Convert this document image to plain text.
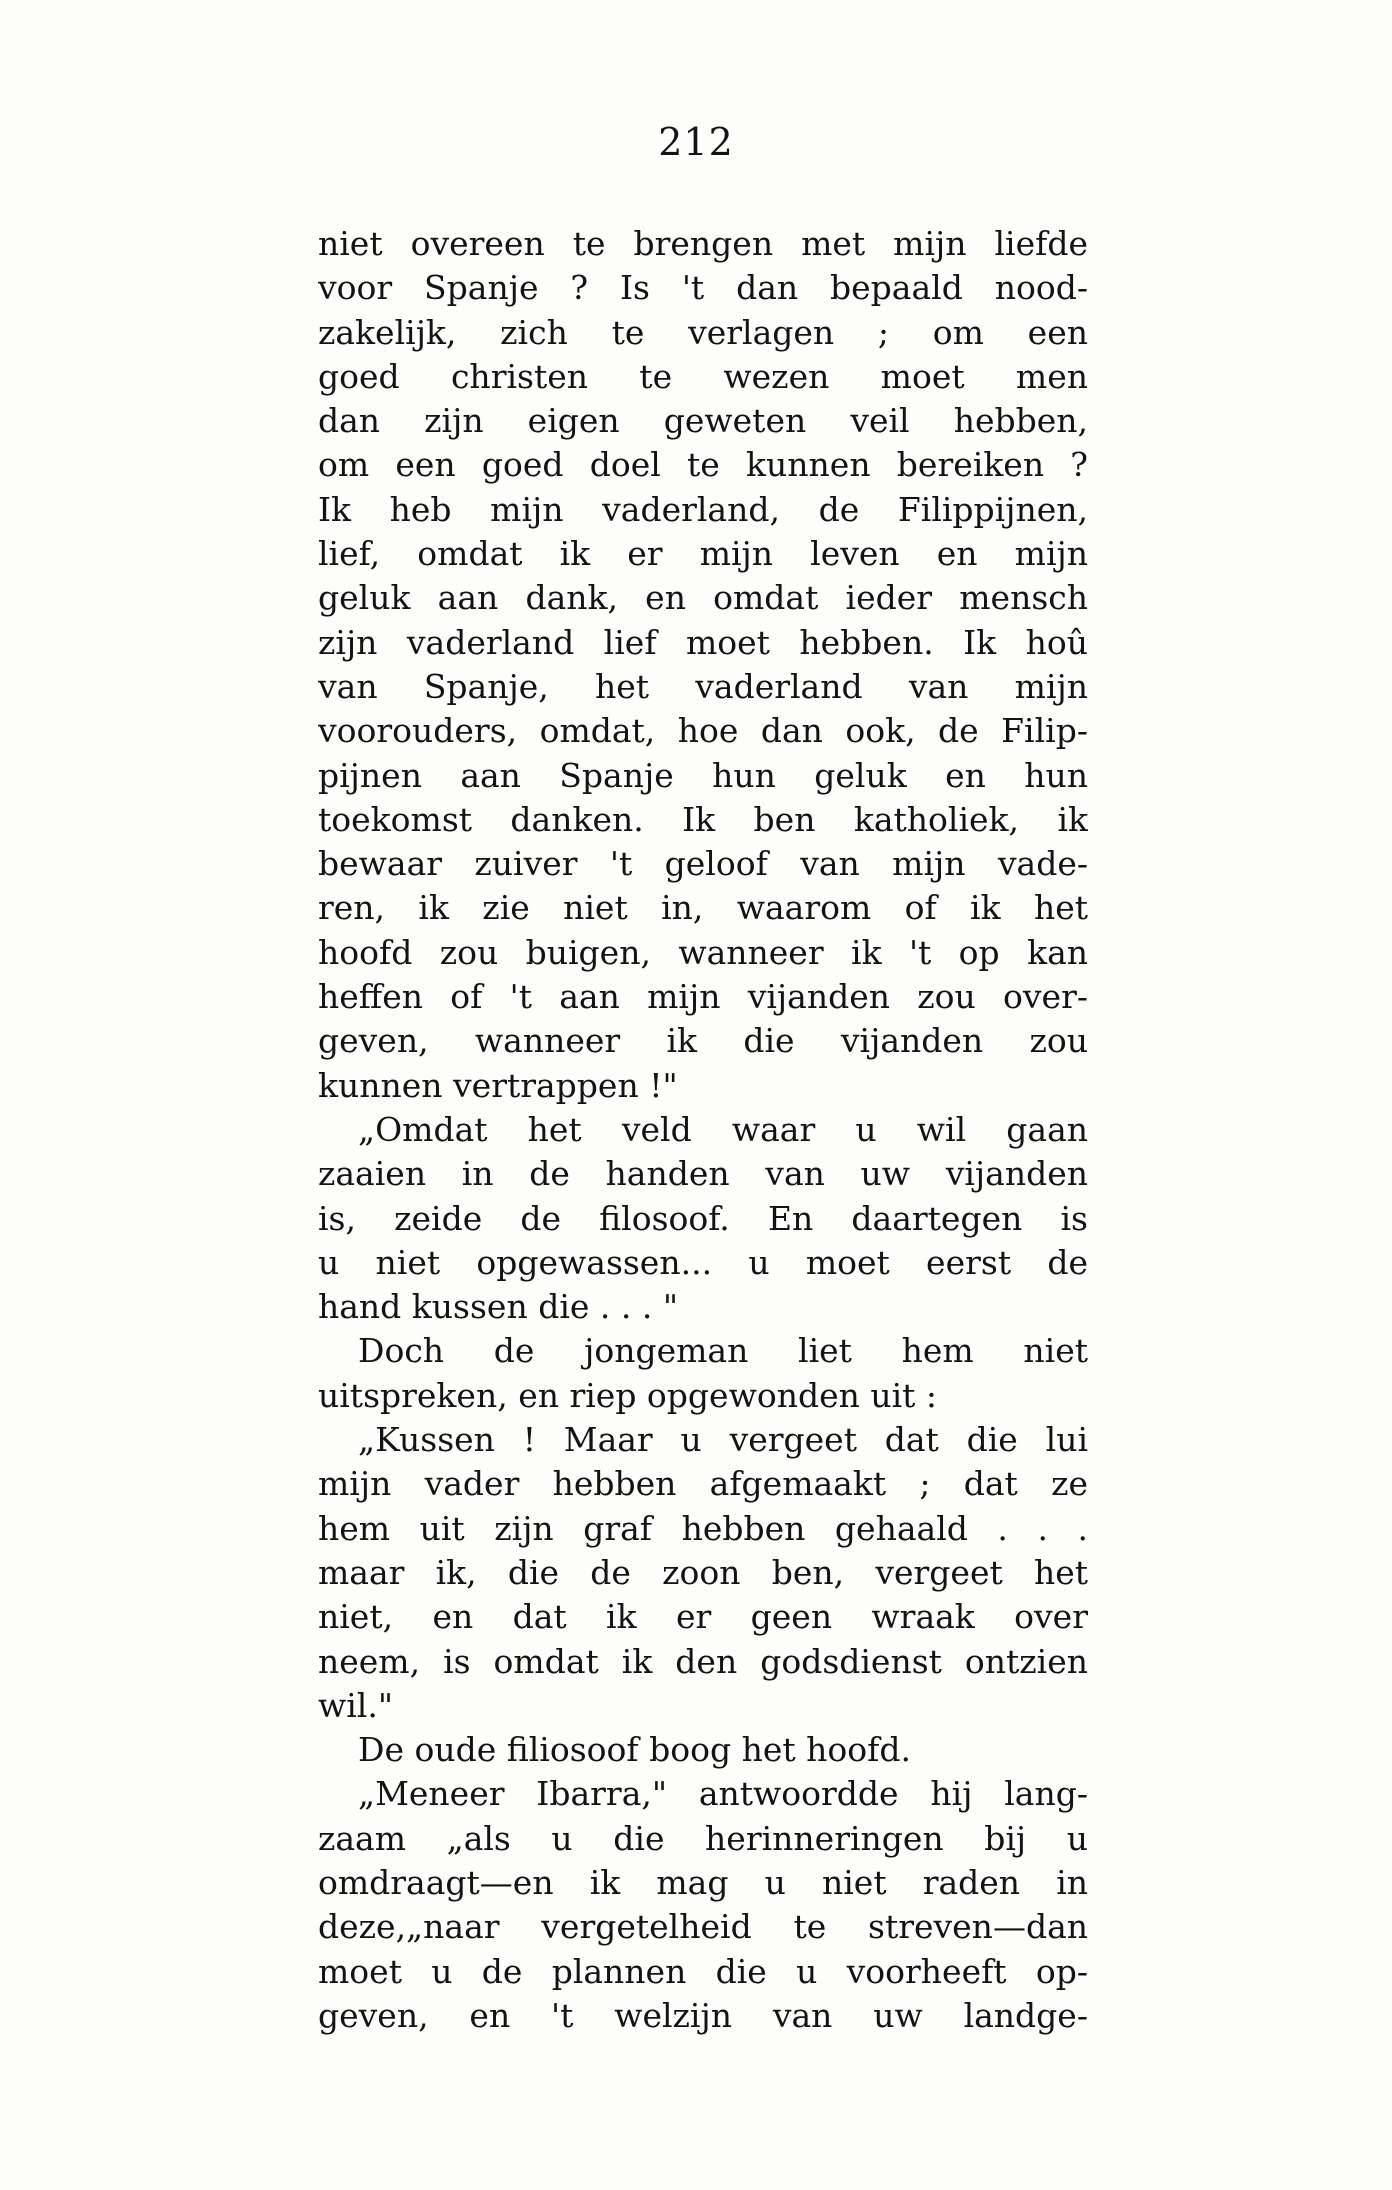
212
niet overeen te brengen met mijn liefde
voor Spanje ? Is 't dan bepaald nood-
zakelijk, zich te verlagen ; om een
goed christen te wezen moet men
dan zijn eigen geweten veil hebben,
om een goed doel te kunnen bereiken ?
Ik heb mijn vaderland, de Filippijnen,
lief, omdat ik er mijn leven en mijn
geluk aan dank, en omdat ieder mensch
zijn vaderland lief moet hebben. Ik hoû
van Spanje, het vaderland van mijn
voorouders, omdat, hoe dan ook, de Filip-
pijnen aan Spanje hun geluk en hun
toekomst danken. Ik ben katholiek, ik
bewaar zuiver 't geloof van mijn vade-
ren, ik zie niet in, waarom of ik het
hoofd zou buigen, wanneer ik 't op kan
heffen of 't aan mijn vijanden zou over-
geven, wanneer ik die vijanden zou
kunnen vertrappen !"
„Omdat het veld waar u wil gaan
zaaien in de handen van uw vijanden
is, zeide de filosoof. En daartegen is
u niet opgewassen... u moet eerst de
hand kussen die . . . "
Doch de jongeman liet hem niet
uitspreken, en riep opgewonden uit :
„Kussen ! Maar u vergeet dat die lui
mijn vader hebben afgemaakt ; dat ze
hem uit zijn graf hebben gehaald . . .
maar ik, die de zoon ben, vergeet het
niet, en dat ik er geen wraak over
neem, is omdat ik den godsdienst ontzien
wil."
De oude filiosoof boog het hoofd.
„Meneer Ibarra," antwoordde hij lang-
zaam „als u die herinneringen bij u
omdraagt—en ik mag u niet raden in
deze,„naar vergetelheid te streven—dan
moet u de plannen die u voorheeft op-
geven, en 't welzijn van uw landge-
